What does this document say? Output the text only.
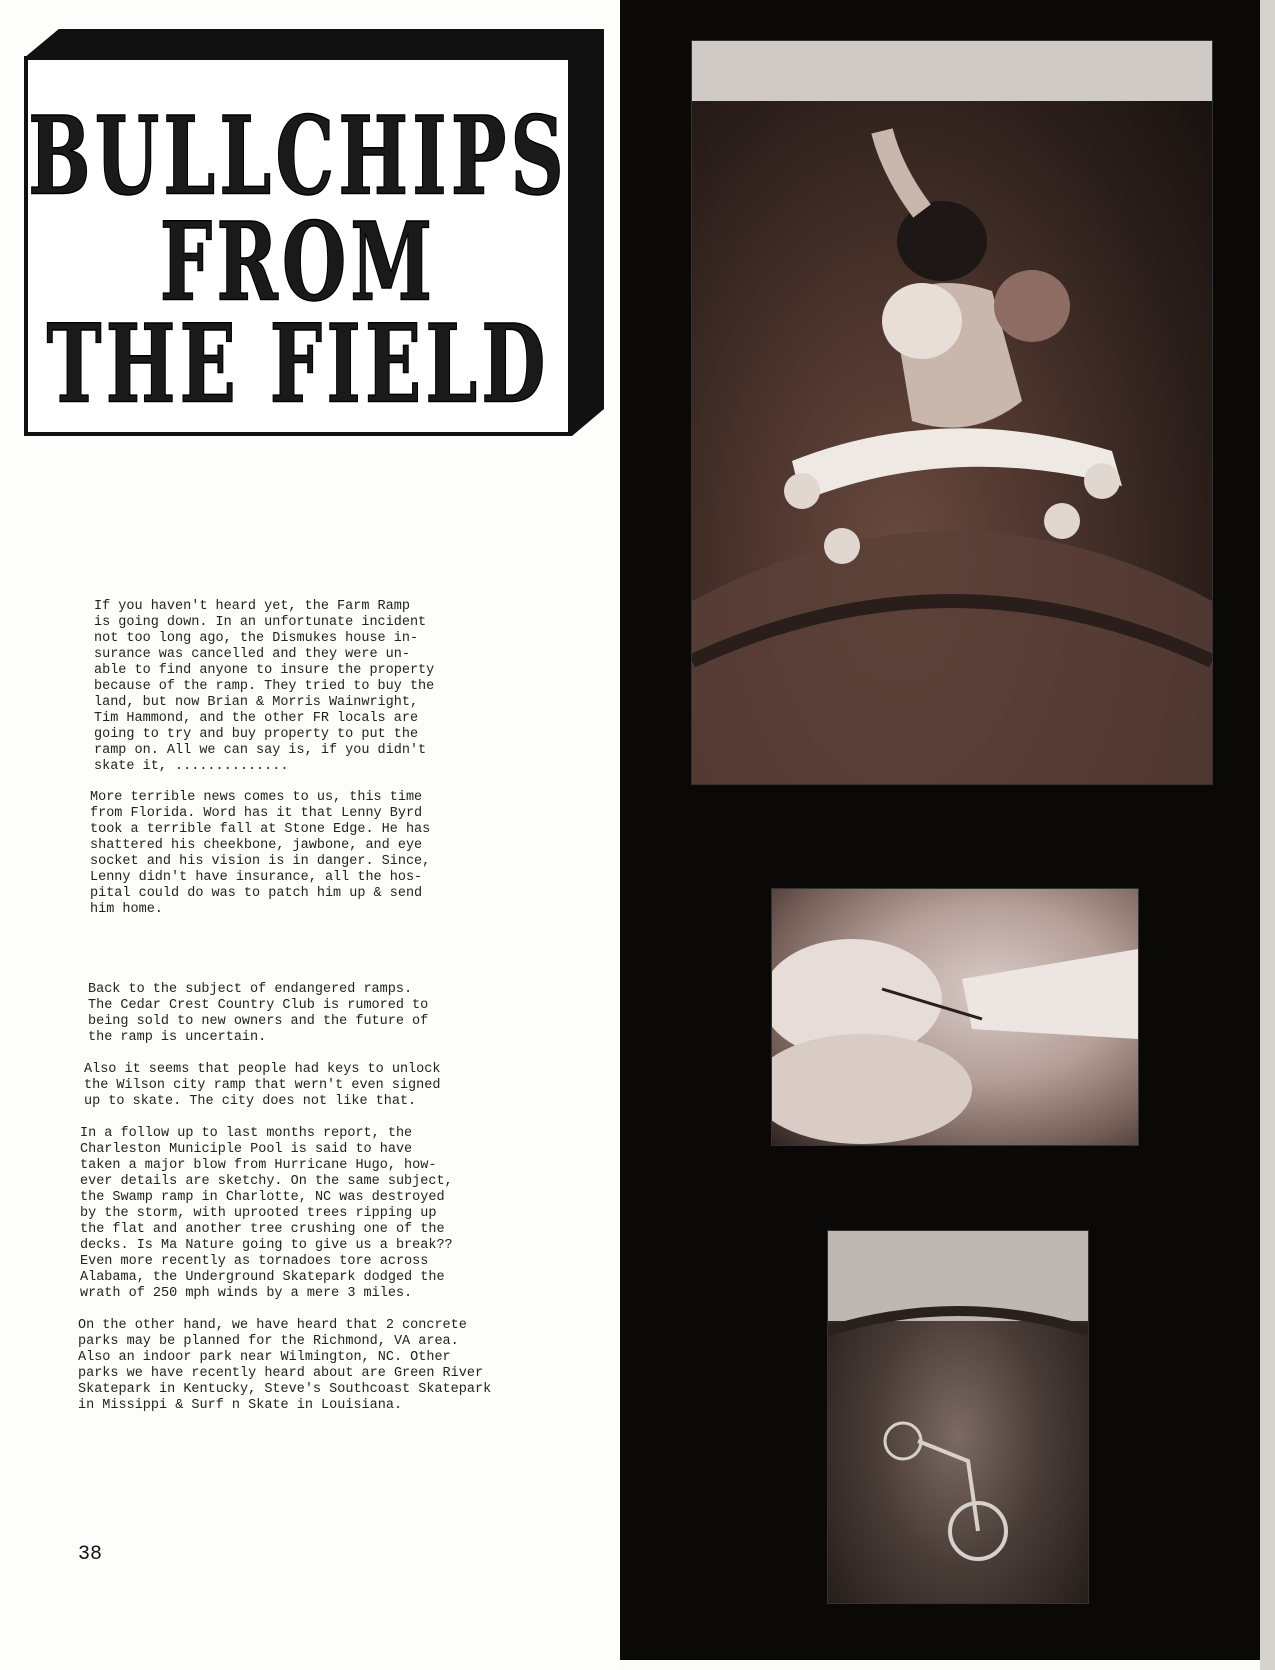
BULLCHIPS
FROM
THE FIELD
If you haven't heard yet, the Farm Ramp
is going down. In an unfortunate incident
not too long ago, the Dismukes house in-
surance was cancelled and they were un-
able to find anyone to insure the property
because of the ramp. They tried to buy the
land, but now Brian & Morris Wainwright,
Tim Hammond, and the other FR locals are
going to try and buy property to put the
ramp on. All we can say is, if you didn't
skate it, ..............
More terrible news comes to us, this time
from Florida. Word has it that Lenny Byrd
took a terrible fall at Stone Edge. He has
shattered his cheekbone, jawbone, and eye
socket and his vision is in danger. Since,
Lenny didn't have insurance, all the hos-
pital could do was to patch him up & send
him home.
Back to the subject of endangered ramps.
The Cedar Crest Country Club is rumored to
being sold to new owners and the future of
the ramp is uncertain.
Also it seems that people had keys to unlock
the Wilson city ramp that wern't even signed
up to skate. The city does not like that.
In a follow up to last months report, the
Charleston Municiple Pool is said to have
taken a major blow from Hurricane Hugo, how-
ever details are sketchy. On the same subject,
the Swamp ramp in Charlotte, NC was destroyed
by the storm, with uprooted trees ripping up
the flat and another tree crushing one of the
decks. Is Ma Nature going to give us a break??
Even more recently as tornadoes tore across
Alabama, the Underground Skatepark dodged the
wrath of 250 mph winds by a mere 3 miles.
On the other hand, we have heard that 2 concrete
parks may be planned for the Richmond, VA area.
Also an indoor park near Wilmington, NC. Other
parks we have recently heard about are Green River
Skatepark in Kentucky, Steve's Southcoast Skatepark
in Missippi & Surf n Skate in Louisiana.
38
